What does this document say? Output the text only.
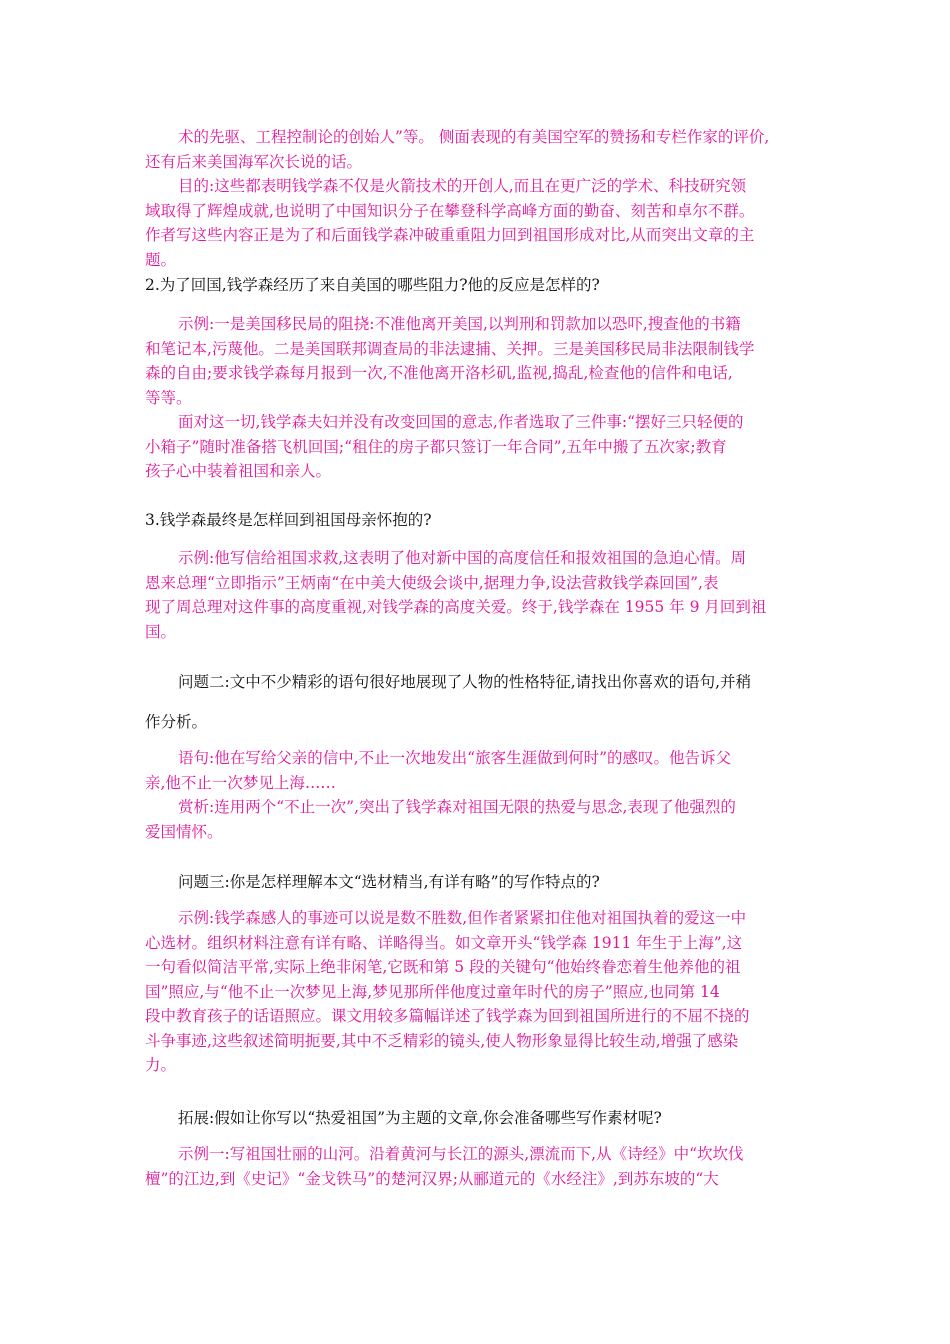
术的先驱、工程控制论的创始人”等。 侧面表现的有美国空军的赞扬和专栏作家的评价,
还有后来美国海军次长说的话。
目的:这些都表明钱学森不仅是火箭技术的开创人,而且在更广泛的学术、科技研究领
域取得了辉煌成就,也说明了中国知识分子在攀登科学高峰方面的勤奋、刻苦和卓尔不群。
作者写这些内容正是为了和后面钱学森冲破重重阻力回到祖国形成对比,从而突出文章的主
题。
2.为了回国,钱学森经历了来自美国的哪些阻力?他的反应是怎样的?
示例:一是美国移民局的阻挠:不准他离开美国,以判刑和罚款加以恐吓,搜查他的书籍
和笔记本,污蔑他。二是美国联邦调查局的非法逮捕、关押。三是美国移民局非法限制钱学
森的自由;要求钱学森每月报到一次,不准他离开洛杉矶,监视,捣乱,检查他的信件和电话,
等等。
面对这一切,钱学森夫妇并没有改变回国的意志,作者选取了三件事:“摆好三只轻便的
小箱子”随时准备搭飞机回国;“租住的房子都只签订一年合同”,五年中搬了五次家;教育
孩子心中装着祖国和亲人。
3.钱学森最终是怎样回到祖国母亲怀抱的?
示例:他写信给祖国求救,这表明了他对新中国的高度信任和报效祖国的急迫心情。周
恩来总理“立即指示”王炳南“在中美大使级会谈中,据理力争,设法营救钱学森回国”,表
现了周总理对这件事的高度重视,对钱学森的高度关爱。终于,钱学森在 1955 年 9 月回到祖
国。
问题二:文中不少精彩的语句很好地展现了人物的性格特征,请找出你喜欢的语句,并稍
作分析。
语句:他在写给父亲的信中,不止一次地发出“旅客生涯做到何时”的感叹。他告诉父
亲,他不止一次梦见上海……
赏析:连用两个“不止一次”,突出了钱学森对祖国无限的热爱与思念,表现了他强烈的
爱国情怀。
问题三:你是怎样理解本文“选材精当,有详有略”的写作特点的?
示例:钱学森感人的事迹可以说是数不胜数,但作者紧紧扣住他对祖国执着的爱这一中
心选材。组织材料注意有详有略、详略得当。如文章开头“钱学森 1911 年生于上海”,这
一句看似简洁平常,实际上绝非闲笔,它既和第 5 段的关键句“他始终眷恋着生他养他的祖
国”照应,与“他不止一次梦见上海,梦见那所伴他度过童年时代的房子”照应,也同第 14
段中教育孩子的话语照应。课文用较多篇幅详述了钱学森为回到祖国所进行的不屈不挠的
斗争事迹,这些叙述简明扼要,其中不乏精彩的镜头,使人物形象显得比较生动,增强了感染
力。
拓展:假如让你写以“热爱祖国”为主题的文章,你会准备哪些写作素材呢?
示例一:写祖国壮丽的山河。沿着黄河与长江的源头,漂流而下,从《诗经》中“坎坎伐
檀”的江边,到《史记》“金戈铁马”的楚河汉界;从郦道元的《水经注》,到苏东坡的“大
